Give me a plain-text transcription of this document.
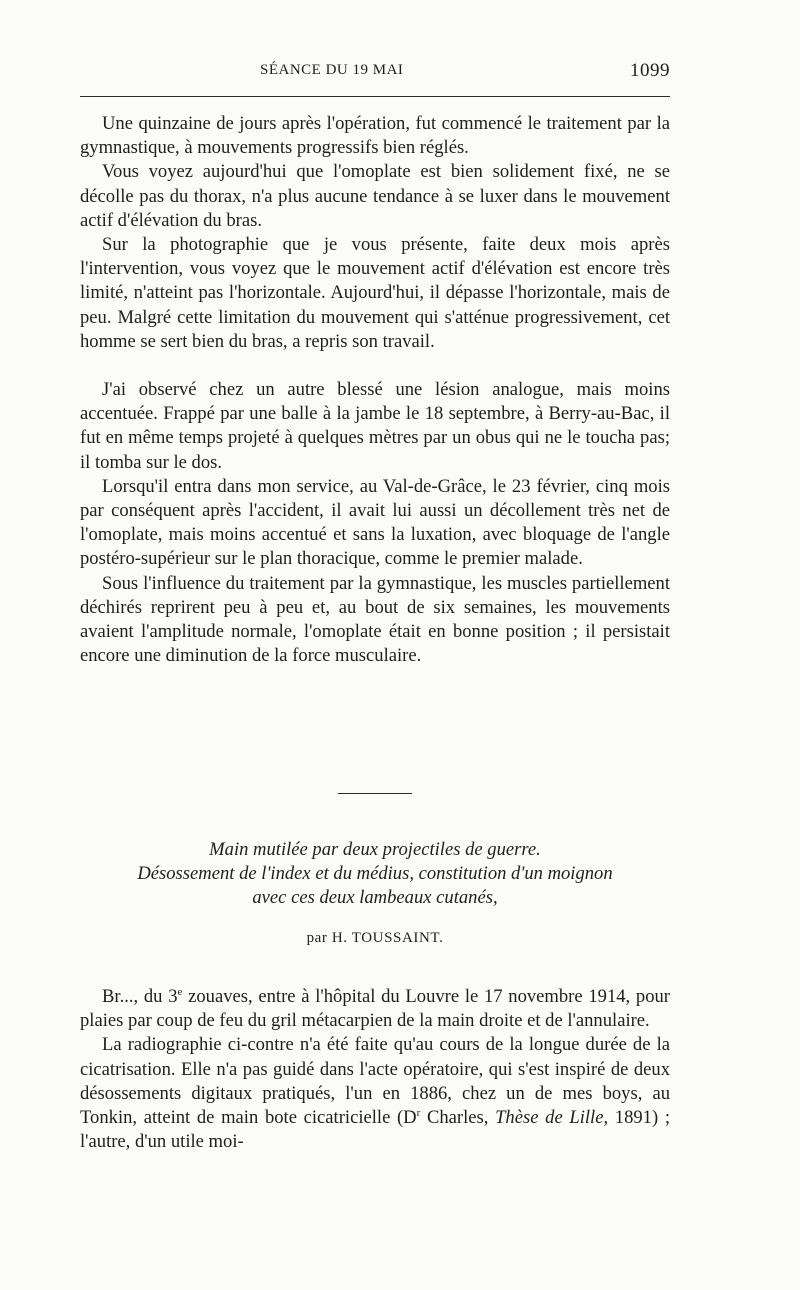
SÉANCE DU 19 MAI	1099

Une quinzaine de jours après l'opération, fut commencé le traitement par la gymnastique, à mouvements progressifs bien réglés.

Vous voyez aujourd'hui que l'omoplate est bien solidement fixé, ne se décolle pas du thorax, n'a plus aucune tendance à se luxer dans le mouvement actif d'élévation du bras.

Sur la photographie que je vous présente, faite deux mois après l'intervention, vous voyez que le mouvement actif d'élévation est encore très limité, n'atteint pas l'horizontale. Aujourd'hui, il dépasse l'horizontale, mais de peu. Malgré cette limitation du mouvement qui s'atténue progressivement, cet homme se sert bien du bras, a repris son travail.

J'ai observé chez un autre blessé une lésion analogue, mais moins accentuée. Frappé par une balle à la jambe le 18 septembre, à Berry-au-Bac, il fut en même temps projeté à quelques mètres par un obus qui ne le toucha pas; il tomba sur le dos.

Lorsqu'il entra dans mon service, au Val-de-Grâce, le 23 février, cinq mois par conséquent après l'accident, il avait lui aussi un décollement très net de l'omoplate, mais moins accentué et sans la luxation, avec bloquage de l'angle postéro-supérieur sur le plan thoracique, comme le premier malade.

Sous l'influence du traitement par la gymnastique, les muscles partiellement déchirés reprirent peu à peu et, au bout de six semaines, les mouvements avaient l'amplitude normale, l'omoplate était en bonne position ; il persistait encore une diminution de la force musculaire.

Main mutilée par deux projectiles de guerre.
Désossement de l'index et du médius, constitution d'un moignon
avec ces deux lambeaux cutanés,
par H. TOUSSAINT.

Br..., du 3e zouaves, entre à l'hôpital du Louvre le 17 novembre 1914, pour plaies par coup de feu du gril métacarpien de la main droite et de l'annulaire.

La radiographie ci-contre n'a été faite qu'au cours de la longue durée de la cicatrisation. Elle n'a pas guidé dans l'acte opératoire, qui s'est inspiré de deux désossements digitaux pratiqués, l'un en 1886, chez un de mes boys, au Tonkin, atteint de main bote cicatricielle ($D^r$ Charles, Thèse de Lille, 1891) ; l'autre, d'un utile moi-
